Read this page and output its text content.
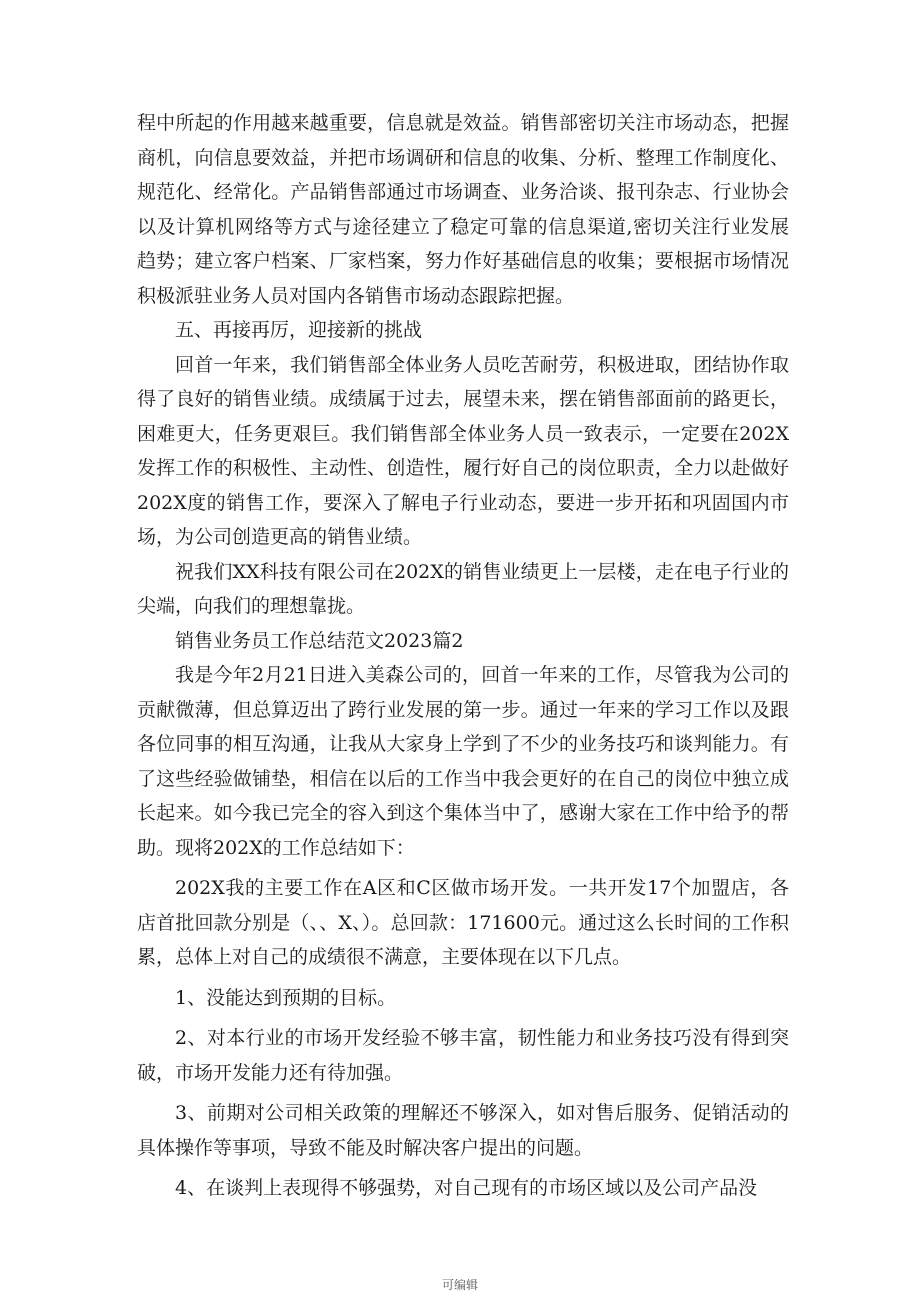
程中所起的作用越来越重要，信息就是效益。销售部密切关注市场动态，把握商机，向信息要效益，并把市场调研和信息的收集、分析、整理工作制度化、规范化、经常化。产品销售部通过市场调查、业务洽谈、报刊杂志、行业协会以及计算机网络等方式与途径建立了稳定可靠的信息渠道,密切关注行业发展趋势；建立客户档案、厂家档案，努力作好基础信息的收集；要根据市场情况积极派驻业务人员对国内各销售市场动态跟踪把握。

五、再接再厉，迎接新的挑战

回首一年来，我们销售部全体业务人员吃苦耐劳，积极进取，团结协作取得了良好的销售业绩。成绩属于过去，展望未来，摆在销售部面前的路更长，困难更大，任务更艰巨。我们销售部全体业务人员一致表示，一定要在202X发挥工作的积极性、主动性、创造性，履行好自己的岗位职责，全力以赴做好202X度的销售工作，要深入了解电子行业动态，要进一步开拓和巩固国内市场，为公司创造更高的销售业绩。

祝我们XX科技有限公司在202X的销售业绩更上一层楼，走在电子行业的尖端，向我们的理想靠拢。

销售业务员工作总结范文2023篇2

我是今年2月21日进入美森公司的，回首一年来的工作，尽管我为公司的贡献微薄，但总算迈出了跨行业发展的第一步。通过一年来的学习工作以及跟各位同事的相互沟通，让我从大家身上学到了不少的业务技巧和谈判能力。有了这些经验做铺垫，相信在以后的工作当中我会更好的在自己的岗位中独立成长起来。如今我已完全的容入到这个集体当中了，感谢大家在工作中给予的帮助。现将202X的工作总结如下：

202X我的主要工作在A区和C区做市场开发。一共开发17个加盟店，各店首批回款分别是（、、X、）。总回款：171600元。通过这么长时间的工作积累，总体上对自己的成绩很不满意，主要体现在以下几点。

1、没能达到预期的目标。

2、对本行业的市场开发经验不够丰富，韧性能力和业务技巧没有得到突破，市场开发能力还有待加强。

3、前期对公司相关政策的理解还不够深入，如对售后服务、促销活动的具体操作等事项，导致不能及时解决客户提出的问题。

4、在谈判上表现得不够强势，对自己现有的市场区域以及公司产品没

可编辑
